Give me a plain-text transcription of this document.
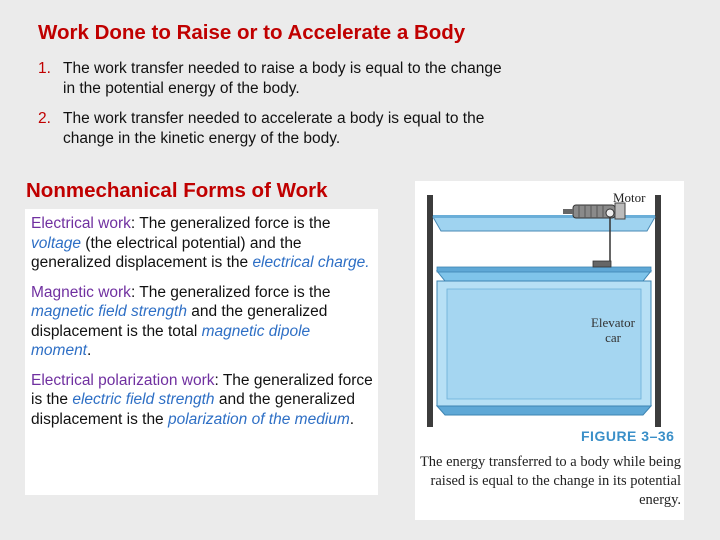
Work Done to Raise or to Accelerate a Body
1. The work transfer needed to raise a body is equal to the change in the potential energy of the body.
2. The work transfer needed to accelerate a body is equal to the change in the kinetic energy of the body.
Nonmechanical Forms of Work

Electrical work: The generalized force is the voltage (the electrical potential) and the generalized displacement is the electrical charge.

Magnetic work: The generalized force is the magnetic field strength and the generalized displacement is the total magnetic dipole moment.

Electrical polarization work: The generalized force is the electric field strength and the generalized displacement is the polarization of the medium.

Motor
Elevator
car
FIGURE 3–36
The energy transferred to a body while being raised is equal to the change in its potential energy.
